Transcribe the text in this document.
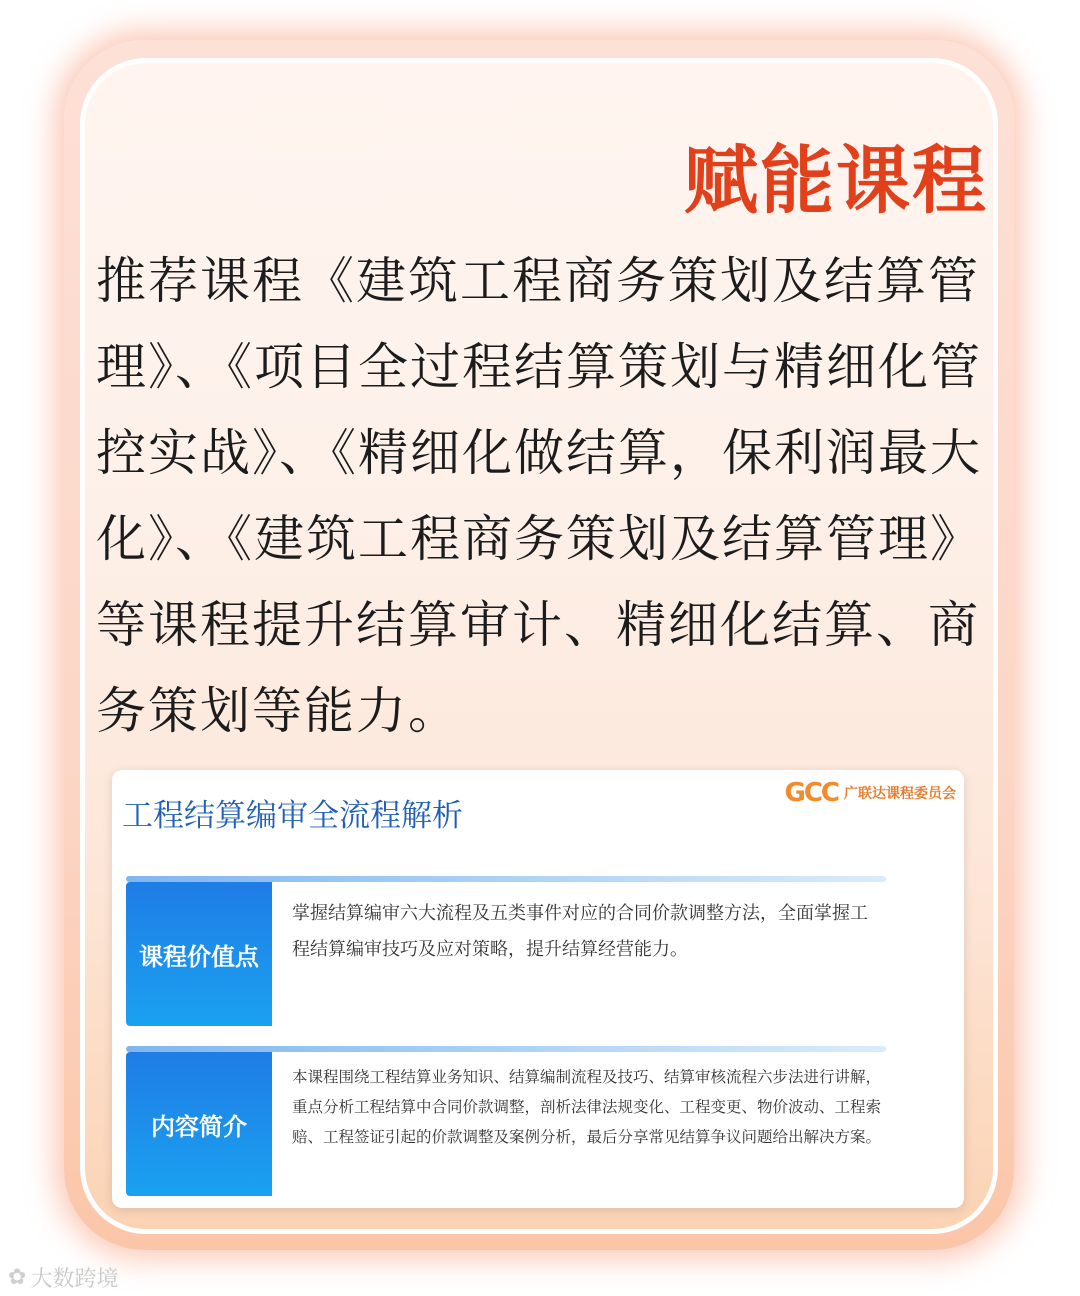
赋能课程
推荐课程《建筑工程商务策划及结算管理》、《项目全过程结算策划与精细化管控实战》、《精细化做结算，保利润最大化》、《建筑工程商务策划及结算管理》等课程提升结算审计、精细化结算、商务策划等能力。
工程结算编审全流程解析
GCC 广联达课程委员会
课程价值点
掌握结算编审六大流程及五类事件对应的合同价款调整方法，全面掌握工程结算编审技巧及应对策略，提升结算经营能力。
内容简介
本课程围绕工程结算业务知识、结算编制流程及技巧、结算审核流程六步法进行讲解，重点分析工程结算中合同价款调整，剖析法律法规变化、工程变更、物价波动、工程索赔、工程签证引起的价款调整及案例分析，最后分享常见结算争议问题给出解决方案。
✿ 大数跨境
